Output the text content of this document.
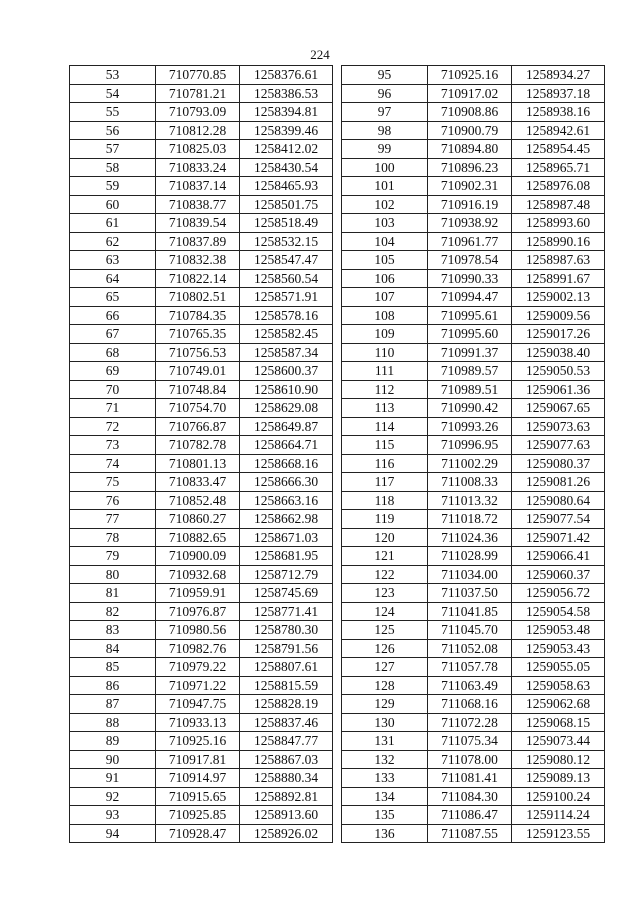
224
53	710770.85	1258376.61
54	710781.21	1258386.53
55	710793.09	1258394.81
56	710812.28	1258399.46
57	710825.03	1258412.02
58	710833.24	1258430.54
59	710837.14	1258465.93
60	710838.77	1258501.75
61	710839.54	1258518.49
62	710837.89	1258532.15
63	710832.38	1258547.47
64	710822.14	1258560.54
65	710802.51	1258571.91
66	710784.35	1258578.16
67	710765.35	1258582.45
68	710756.53	1258587.34
69	710749.01	1258600.37
70	710748.84	1258610.90
71	710754.70	1258629.08
72	710766.87	1258649.87
73	710782.78	1258664.71
74	710801.13	1258668.16
75	710833.47	1258666.30
76	710852.48	1258663.16
77	710860.27	1258662.98
78	710882.65	1258671.03
79	710900.09	1258681.95
80	710932.68	1258712.79
81	710959.91	1258745.69
82	710976.87	1258771.41
83	710980.56	1258780.30
84	710982.76	1258791.56
85	710979.22	1258807.61
86	710971.22	1258815.59
87	710947.75	1258828.19
88	710933.13	1258837.46
89	710925.16	1258847.77
90	710917.81	1258867.03
91	710914.97	1258880.34
92	710915.65	1258892.81
93	710925.85	1258913.60
94	710928.47	1258926.02
95	710925.16	1258934.27
96	710917.02	1258937.18
97	710908.86	1258938.16
98	710900.79	1258942.61
99	710894.80	1258954.45
100	710896.23	1258965.71
101	710902.31	1258976.08
102	710916.19	1258987.48
103	710938.92	1258993.60
104	710961.77	1258990.16
105	710978.54	1258987.63
106	710990.33	1258991.67
107	710994.47	1259002.13
108	710995.61	1259009.56
109	710995.60	1259017.26
110	710991.37	1259038.40
111	710989.57	1259050.53
112	710989.51	1259061.36
113	710990.42	1259067.65
114	710993.26	1259073.63
115	710996.95	1259077.63
116	711002.29	1259080.37
117	711008.33	1259081.26
118	711013.32	1259080.64
119	711018.72	1259077.54
120	711024.36	1259071.42
121	711028.99	1259066.41
122	711034.00	1259060.37
123	711037.50	1259056.72
124	711041.85	1259054.58
125	711045.70	1259053.48
126	711052.08	1259053.43
127	711057.78	1259055.05
128	711063.49	1259058.63
129	711068.16	1259062.68
130	711072.28	1259068.15
131	711075.34	1259073.44
132	711078.00	1259080.12
133	711081.41	1259089.13
134	711084.30	1259100.24
135	711086.47	1259114.24
136	711087.55	1259123.55
